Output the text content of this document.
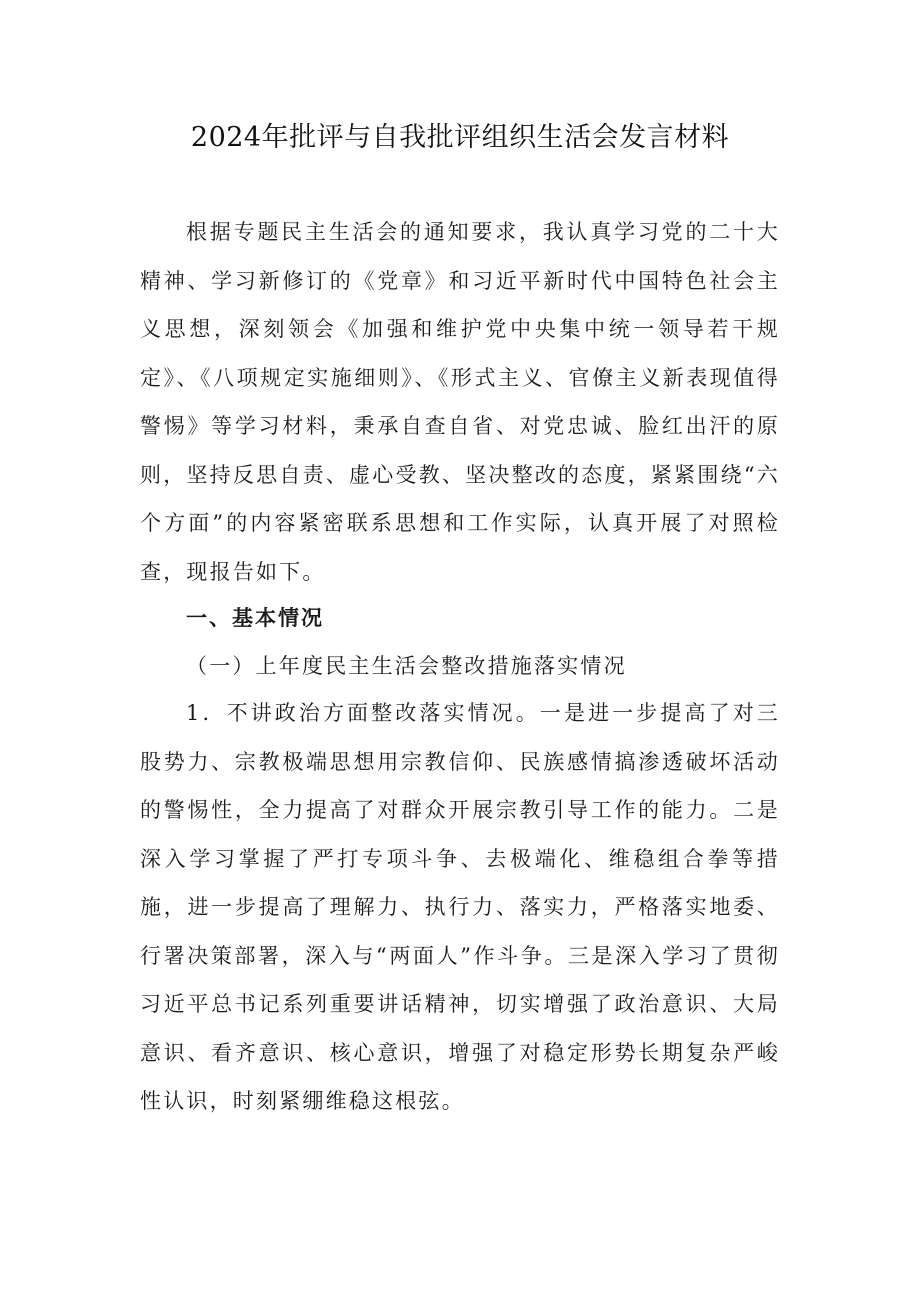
2024年批评与自我批评组织生活会发言材料

根据专题民主生活会的通知要求，我认真学习党的二十大精神、学习新修订的《党章》和习近平新时代中国特色社会主义思想，深刻领会《加强和维护党中央集中统一领导若干规定》、《八项规定实施细则》、《形式主义、官僚主义新表现值得警惕》等学习材料，秉承自查自省、对党忠诚、脸红出汗的原则，坚持反思自责、虚心受教、坚决整改的态度，紧紧围绕“六个方面”的内容紧密联系思想和工作实际，认真开展了对照检查，现报告如下。

一、基本情况

（一）上年度民主生活会整改措施落实情况

1．不讲政治方面整改落实情况。一是进一步提高了对三股势力、宗教极端思想用宗教信仰、民族感情搞渗透破坏活动的警惕性，全力提高了对群众开展宗教引导工作的能力。二是深入学习掌握了严打专项斗争、去极端化、维稳组合拳等措施，进一步提高了理解力、执行力、落实力，严格落实地委、行署决策部署，深入与“两面人”作斗争。三是深入学习了贯彻习近平总书记系列重要讲话精神，切实增强了政治意识、大局意识、看齐意识、核心意识，增强了对稳定形势长期复杂严峻性认识，时刻紧绷维稳这根弦。
